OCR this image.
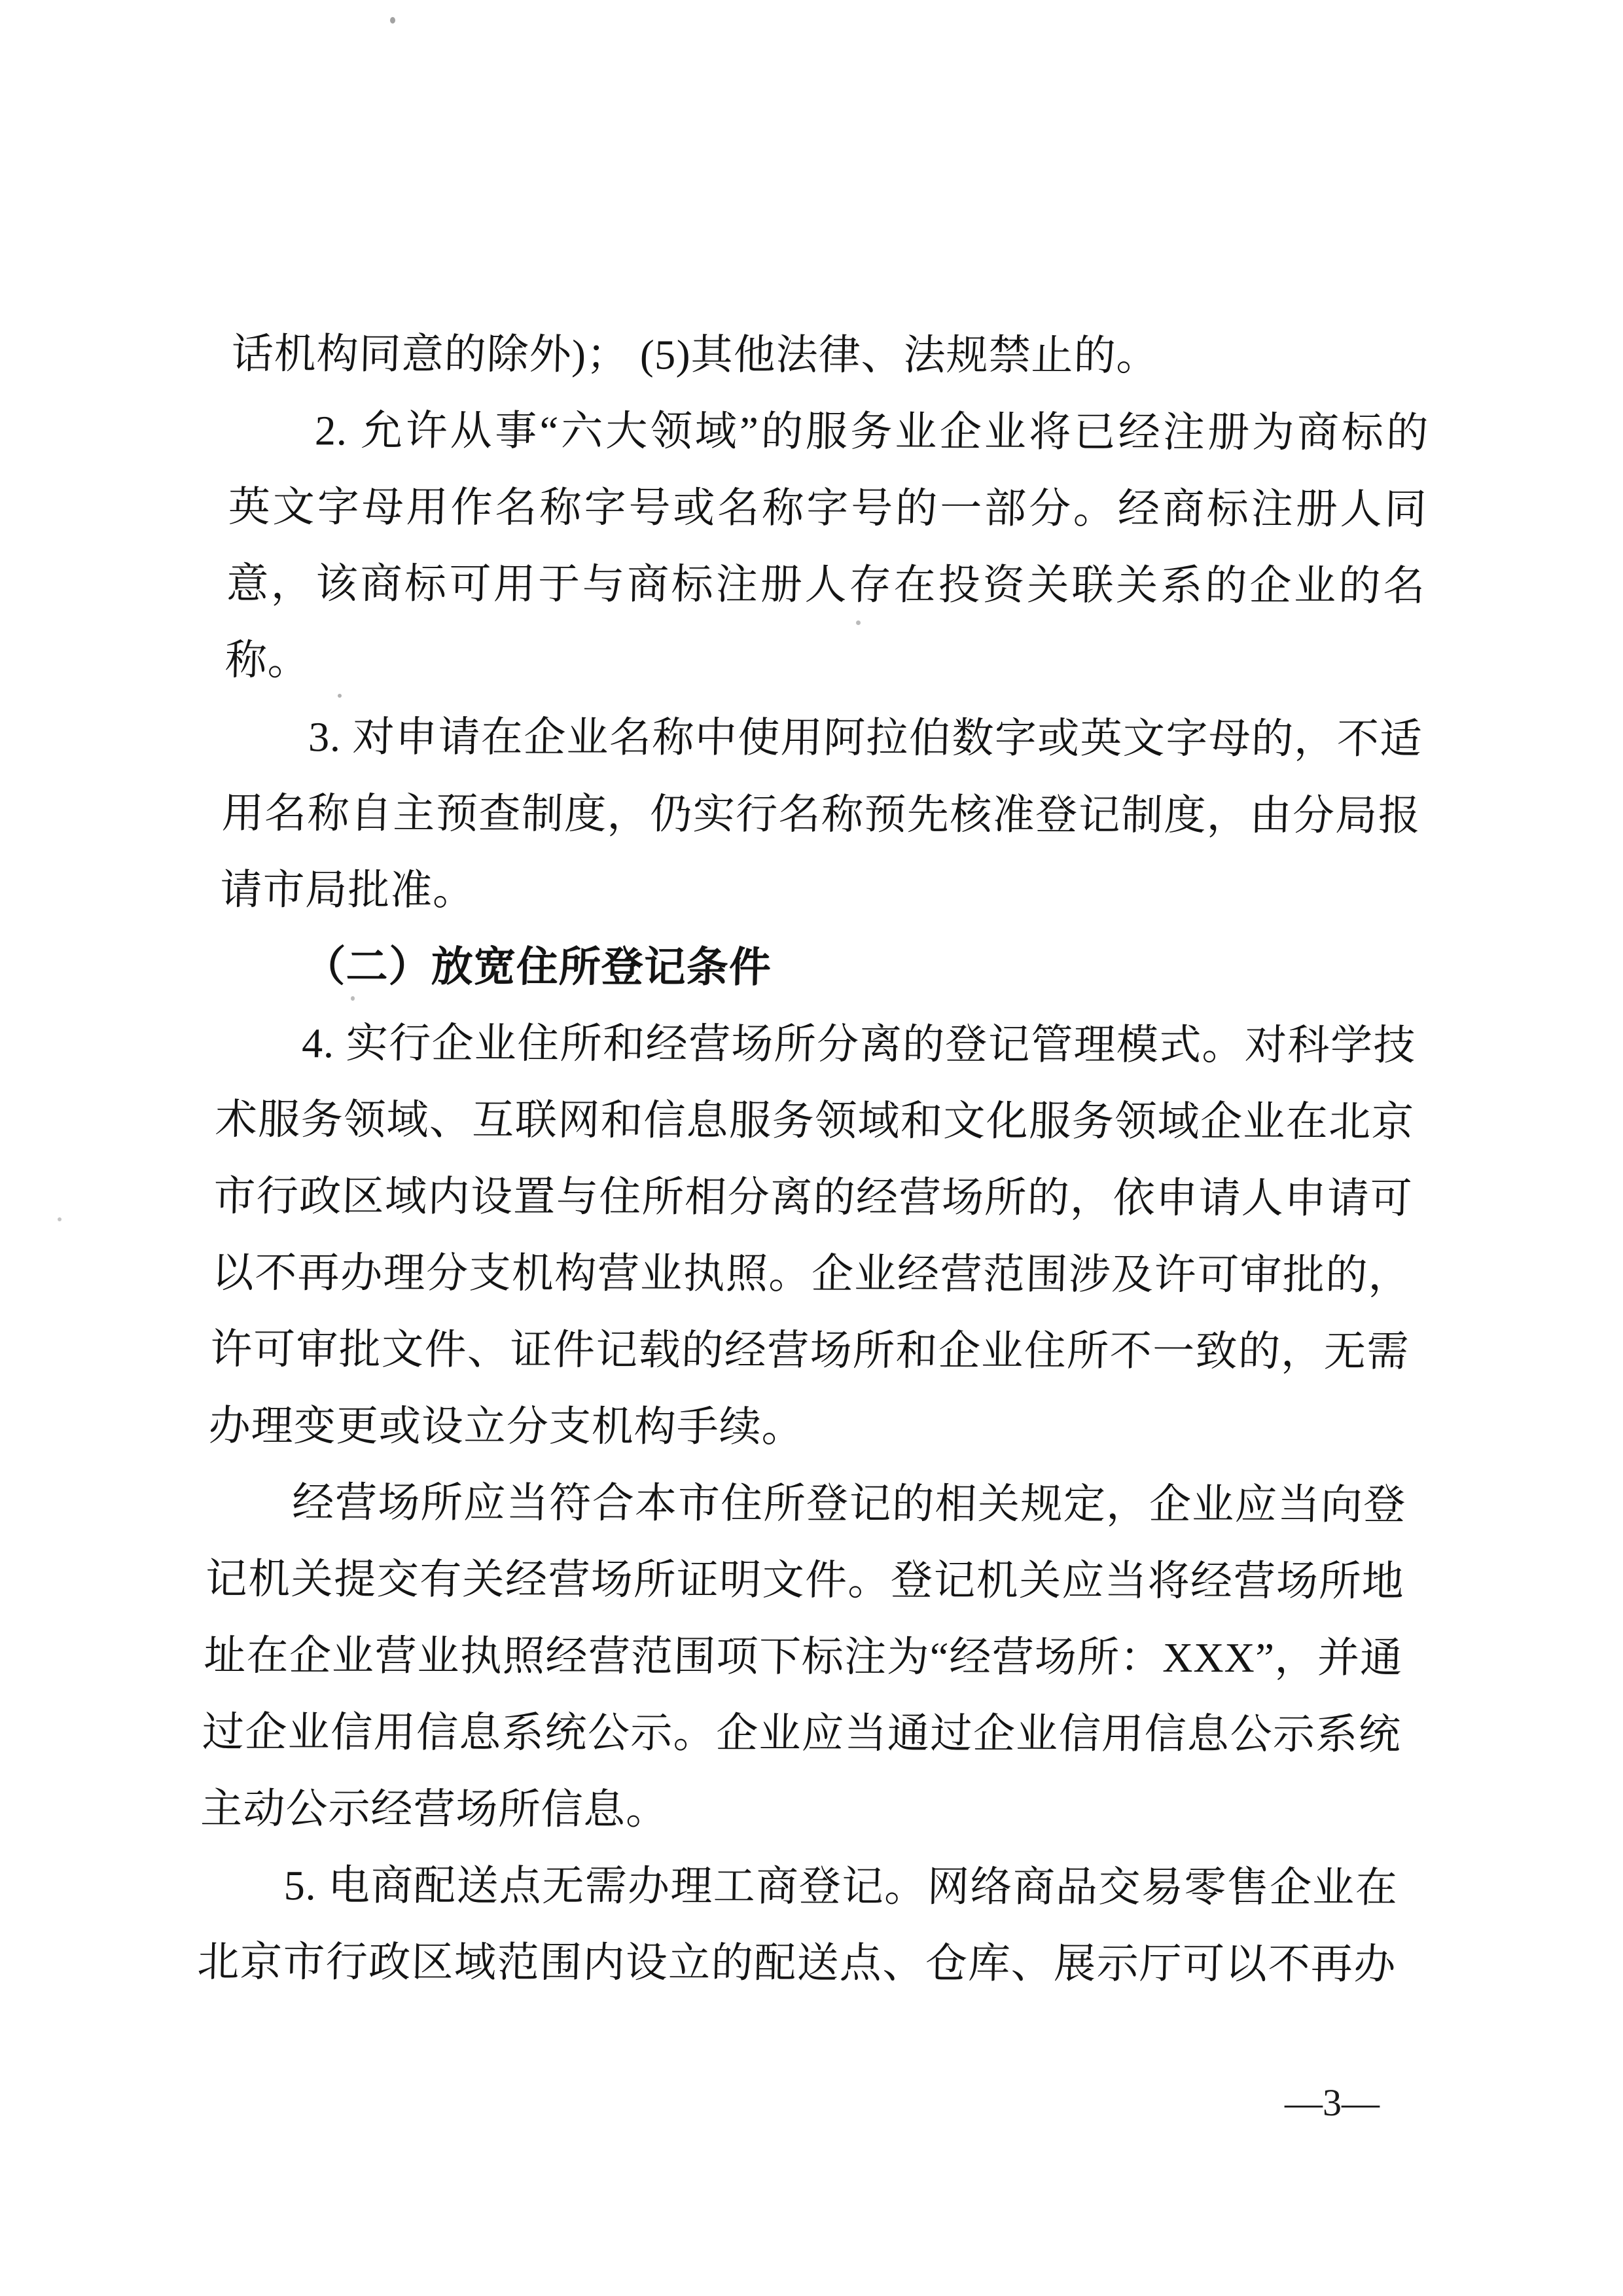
话机构同意的除外)； (5)其他法律、法规禁止的。
2. 允许从事“六大领域”的服务业企业将已经注册为商标的
英文字母用作名称字号或名称字号的一部分。经商标注册人同
意，该商标可用于与商标注册人存在投资关联关系的企业的名
称。
3. 对申请在企业名称中使用阿拉伯数字或英文字母的，不适
用名称自主预查制度，仍实行名称预先核准登记制度，由分局报
请市局批准。
（二）放宽住所登记条件
4. 实行企业住所和经营场所分离的登记管理模式。对科学技
术服务领域、互联网和信息服务领域和文化服务领域企业在北京
市行政区域内设置与住所相分离的经营场所的，依申请人申请可
以不再办理分支机构营业执照。企业经营范围涉及许可审批的，
许可审批文件、证件记载的经营场所和企业住所不一致的，无需
办理变更或设立分支机构手续。
经营场所应当符合本市住所登记的相关规定，企业应当向登
记机关提交有关经营场所证明文件。登记机关应当将经营场所地
址在企业营业执照经营范围项下标注为“经营场所：XXX”，并通
过企业信用信息系统公示。企业应当通过企业信用信息公示系统
主动公示经营场所信息。
5. 电商配送点无需办理工商登记。网络商品交易零售企业在
北京市行政区域范围内设立的配送点、仓库、展示厅可以不再办
—3—
